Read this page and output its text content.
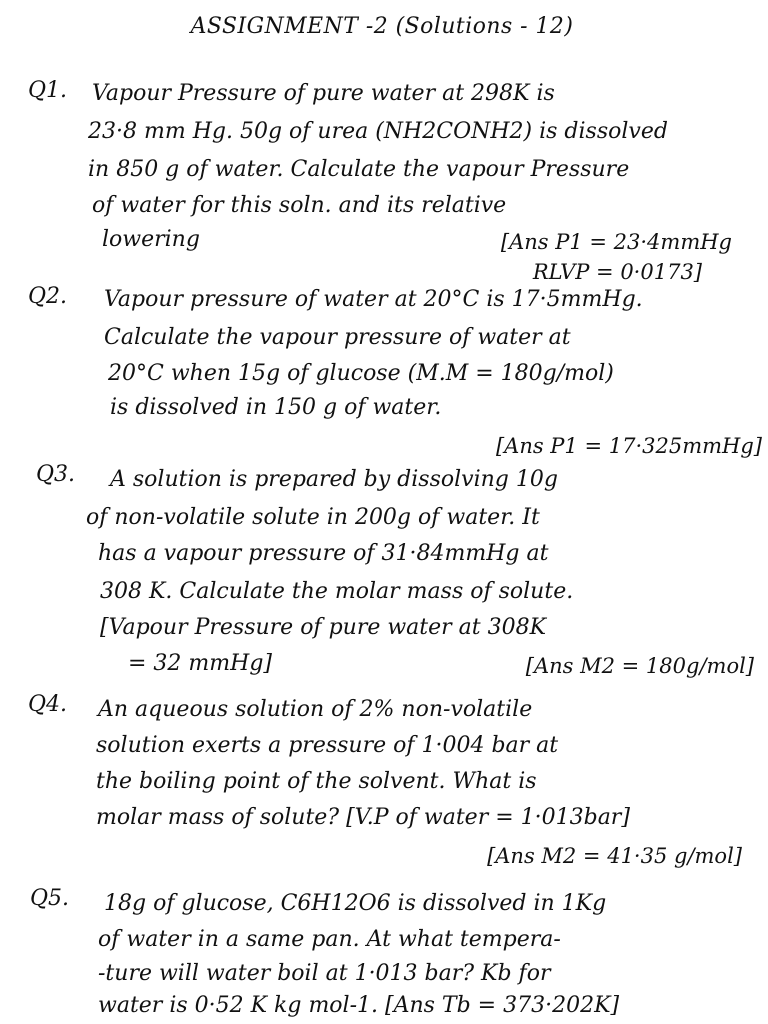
ASSIGNMENT -2 (Solutions - 12)
Q1. Vapour Pressure of pure water at 298K is
23·8 mm Hg. 50g of urea (NH2CONH2) is dissolved
in 850 g of water. Calculate the vapour Pressure
of water for this soln. and its relative
lowering	[Ans P1 = 23·4mmHg
RLVP = 0·0173]
Q2. Vapour pressure of water at 20°C is 17·5mmHg.
Calculate the vapour pressure of water at
20°C when 15g of glucose (M.M = 180g/mol)
is dissolved in 150 g of water.
[Ans P1 = 17·325mmHg]
Q3. A solution is prepared by dissolving 10g
of non-volatile solute in 200g of water. It
has a vapour pressure of 31·84mmHg at
308 K. Calculate the molar mass of solute.
[Vapour Pressure of pure water at 308K
= 32 mmHg]	[Ans M2 = 180g/mol]
Q4. An aqueous solution of 2% non-volatile
solution exerts a pressure of 1·004 bar at
the boiling point of the solvent. What is
molar mass of solute? [V.P of water = 1·013bar]
[Ans M2 = 41·35 g/mol]
Q5. 18g of glucose, C6H12O6 is dissolved in 1Kg
of water in a same pan. At what tempera-
-ture will water boil at 1·013 bar? Kb for
water is 0·52 K kg mol-1. [Ans Tb = 373·202K]
